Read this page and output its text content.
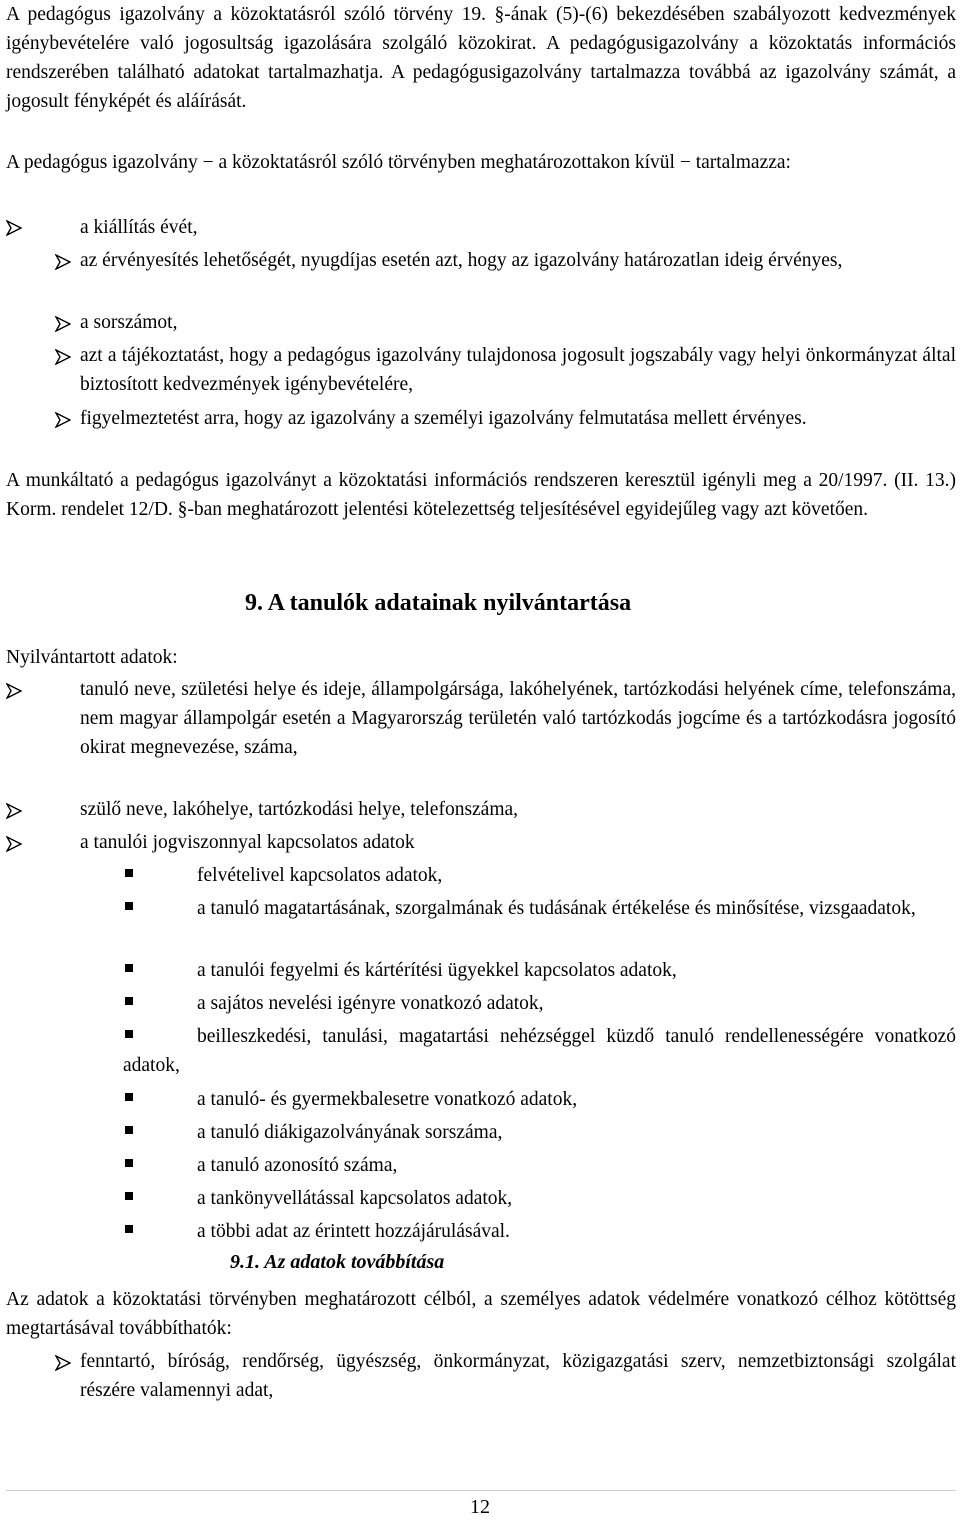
A pedagógus igazolvány a közoktatásról szóló törvény 19. §-ának (5)-(6) bekezdésében szabályozott kedvezmények igénybevételére való jogosultság igazolására szolgáló közokirat. A pedagógusigazolvány a közoktatás információs rendszerében található adatokat tartalmazhatja. A pedagógusigazolvány tartalmazza továbbá az igazolvány számát, a jogosult fényképét és aláírását.

A pedagógus igazolvány − a közoktatásról szóló törvényben meghatározottakon kívül − tartalmazza:

a kiállítás évét,

az érvényesítés lehetőségét, nyugdíjas esetén azt, hogy az igazolvány határozatlan ideig érvényes,

a sorszámot,

azt a tájékoztatást, hogy a pedagógus igazolvány tulajdonosa jogosult jogszabály vagy helyi önkormányzat által biztosított kedvezmények igénybevételére,

figyelmeztetést arra, hogy az igazolvány a személyi igazolvány felmutatása mellett érvényes.

A munkáltató a pedagógus igazolványt a közoktatási információs rendszeren keresztül igényli meg a 20/1997. (II. 13.) Korm. rendelet 12/D. §-ban meghatározott jelentési kötelezettség teljesítésével egyidejűleg vagy azt követően.

9. A tanulók adatainak nyilvántartása

Nyilvántartott adatok:

tanuló neve, születési helye és ideje, állampolgársága, lakóhelyének, tartózkodási helyének címe, telefonszáma, nem magyar állampolgár esetén a Magyarország területén való tartózkodás jogcíme és a tartózkodásra jogosító okirat megnevezése, száma,

szülő neve, lakóhelye, tartózkodási helye, telefonszáma,

a tanulói jogviszonnyal kapcsolatos adatok

felvételivel kapcsolatos adatok,

a tanuló magatartásának, szorgalmának és tudásának értékelése és minősítése, vizsgaadatok,

a tanulói fegyelmi és kártérítési ügyekkel kapcsolatos adatok,

a sajátos nevelési igényre vonatkozó adatok,

beilleszkedési, tanulási, magatartási nehézséggel küzdő tanuló rendellenességére vonatkozó adatok,

a tanuló- és gyermekbalesetre vonatkozó adatok,

a tanuló diákigazolványának sorszáma,

a tanuló azonosító száma,

a tankönyvellátással kapcsolatos adatok,

a többi adat az érintett hozzájárulásával.

9.1. Az adatok továbbítása

Az adatok a közoktatási törvényben meghatározott célból, a személyes adatok védelmére vonatkozó célhoz kötöttség megtartásával továbbíthatók:

fenntartó, bíróság, rendőrség, ügyészség, önkormányzat, közigazgatási szerv, nemzetbiztonsági szolgálat részére valamennyi adat,

12
